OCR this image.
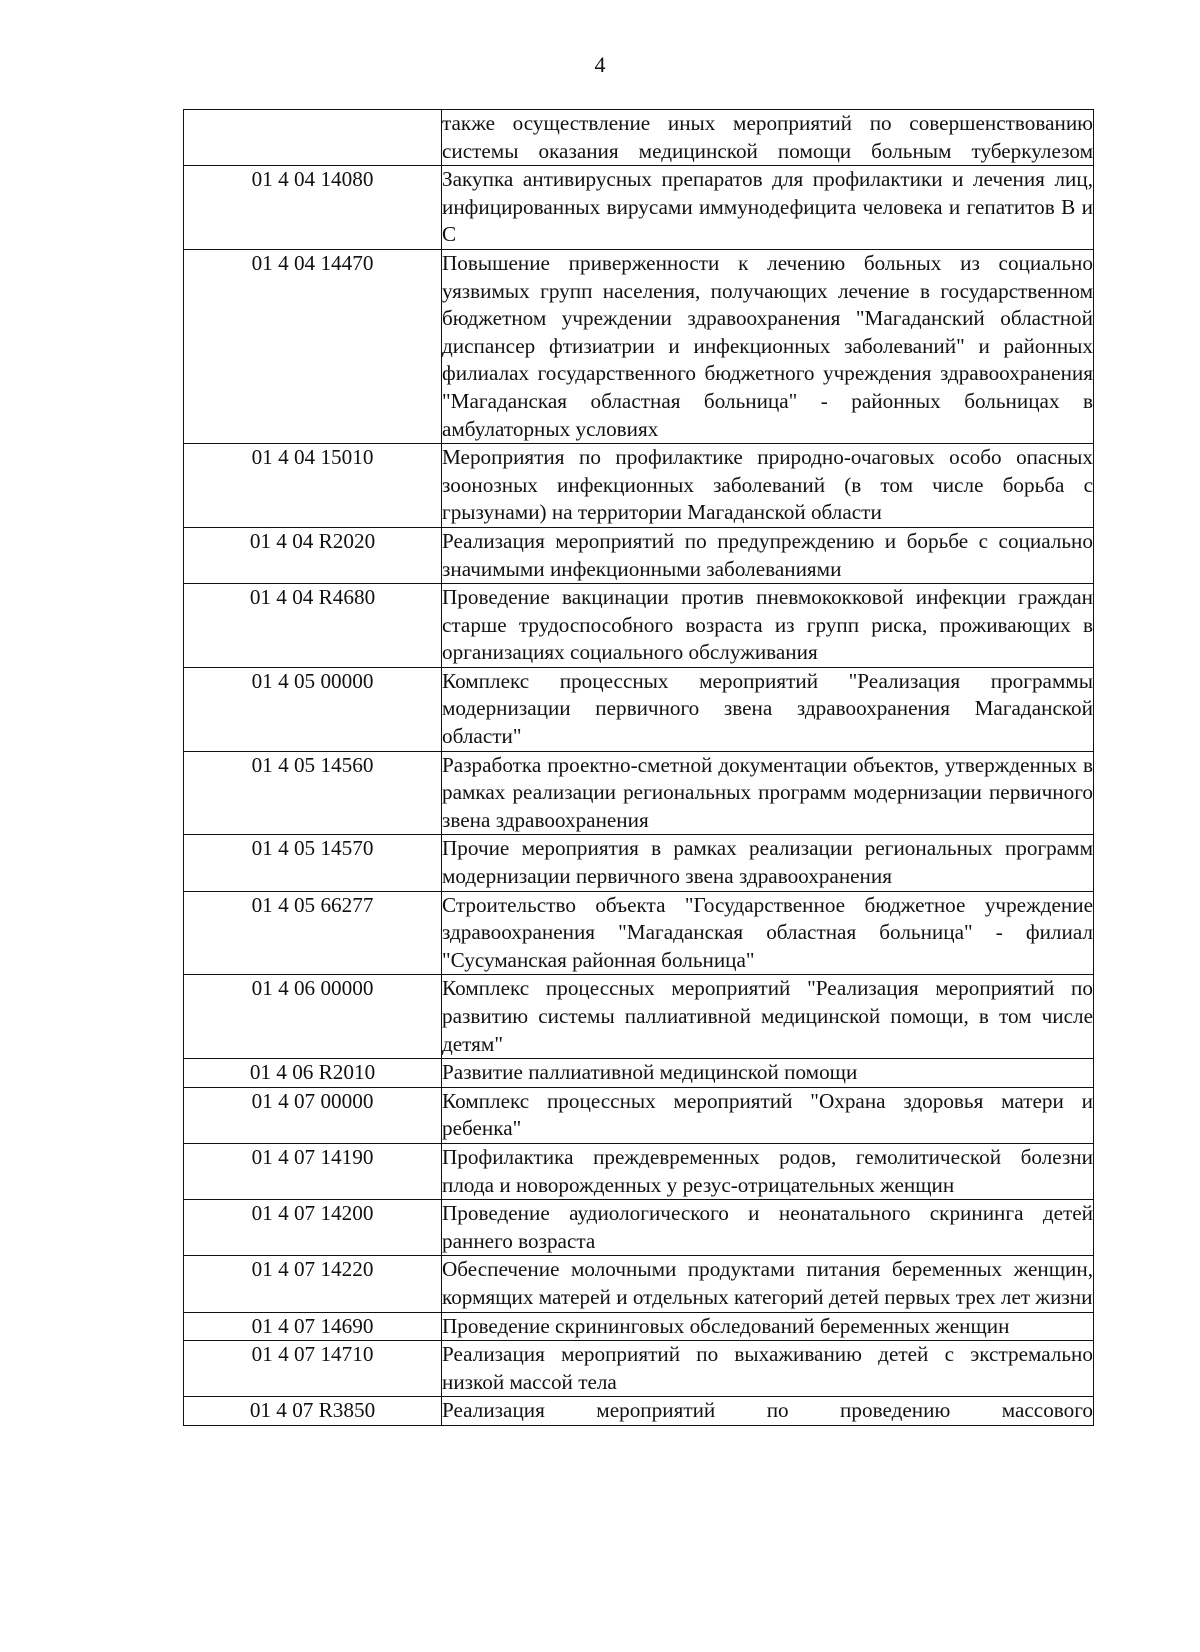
4
	также осуществление иных мероприятий по совершенствованию системы оказания медицинской помощи больным туберкулезом
01 4 04 14080	Закупка антивирусных препаратов для профилактики и лечения лиц, инфицированных вирусами иммунодефицита человека и гепатитов B и C
01 4 04 14470	Повышение приверженности к лечению больных из социально уязвимых групп населения, получающих лечение в государственном бюджетном учреждении здравоохранения "Магаданский областной диспансер фтизиатрии и инфекционных заболеваний" и районных филиалах государственного бюджетного учреждения здравоохранения "Магаданская областная больница" - районных больницах в амбулаторных условиях
01 4 04 15010	Мероприятия по профилактике природно-очаговых особо опасных зоонозных инфекционных заболеваний (в том числе борьба с грызунами) на территории Магаданской области
01 4 04 R2020	Реализация мероприятий по предупреждению и борьбе с социально значимыми инфекционными заболеваниями
01 4 04 R4680	Проведение вакцинации против пневмококковой инфекции граждан старше трудоспособного возраста из групп риска, проживающих в организациях социального обслуживания
01 4 05 00000	Комплекс процессных мероприятий "Реализация программы модернизации первичного звена здравоохранения Магаданской области"
01 4 05 14560	Разработка проектно-сметной документации объектов, утвержденных в рамках реализации региональных программ модернизации первичного звена здравоохранения
01 4 05 14570	Прочие мероприятия в рамках реализации региональных программ модернизации первичного звена здравоохранения
01 4 05 66277	Строительство объекта "Государственное бюджетное учреждение здравоохранения "Магаданская областная больница" - филиал "Сусуманская районная больница"
01 4 06 00000	Комплекс процессных мероприятий "Реализация мероприятий по развитию системы паллиативной медицинской помощи, в том числе детям"
01 4 06 R2010	Развитие паллиативной медицинской помощи
01 4 07 00000	Комплекс процессных мероприятий "Охрана здоровья матери и ребенка"
01 4 07 14190	Профилактика преждевременных родов, гемолитической болезни плода и новорожденных у резус-отрицательных женщин
01 4 07 14200	Проведение аудиологического и неонатального скрининга детей раннего возраста
01 4 07 14220	Обеспечение молочными продуктами питания беременных женщин, кормящих матерей и отдельных категорий детей первых трех лет жизни
01 4 07 14690	Проведение скрининговых обследований беременных женщин
01 4 07 14710	Реализация мероприятий по выхаживанию детей с экстремально низкой массой тела
01 4 07 R3850	Реализация мероприятий по проведению массового
